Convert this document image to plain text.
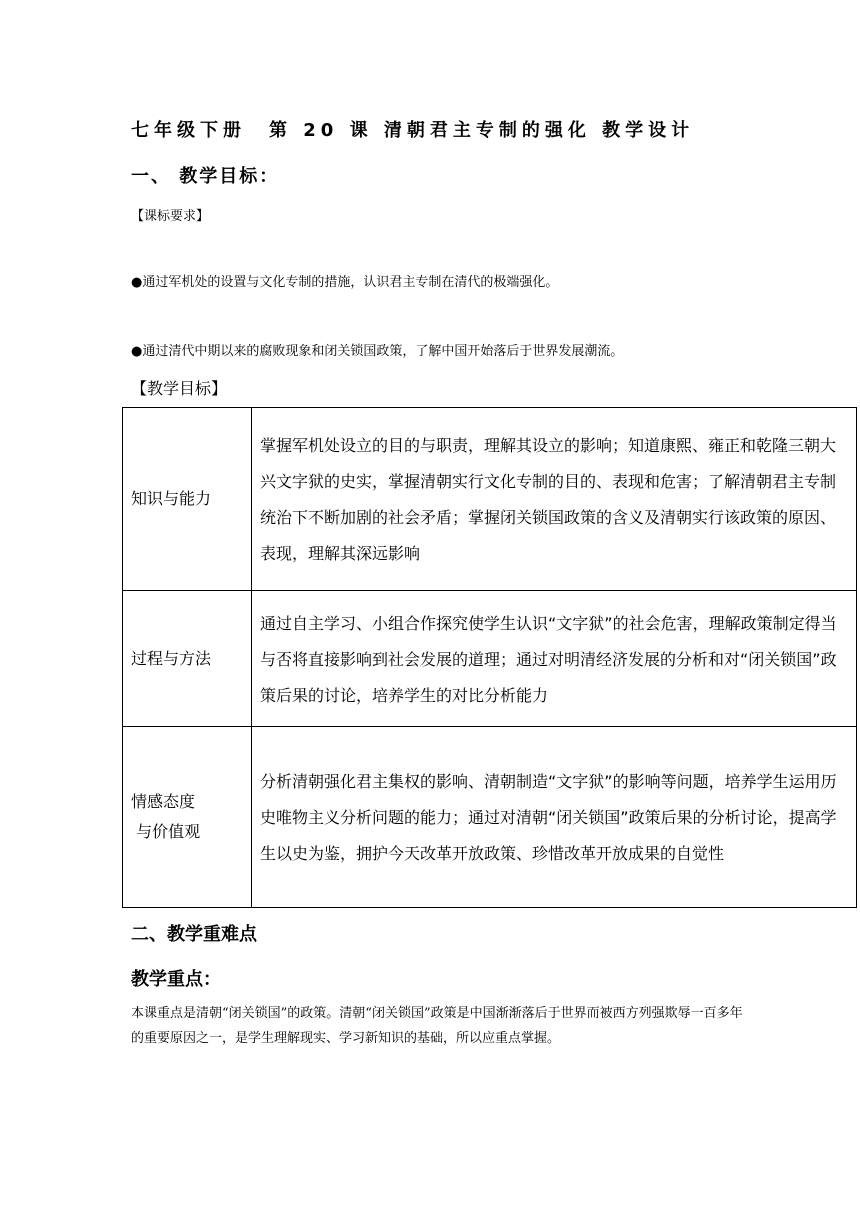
七年级下册　第 20 课 清朝君主专制的强化 教学设计
一、 教学目标：
【课标要求】
●通过军机处的设置与文化专制的措施，认识君主专制在清代的极端强化。
●通过清代中期以来的腐败现象和闭关锁国政策，了解中国开始落后于世界发展潮流。
【教学目标】
知识与能力	掌握军机处设立的目的与职责，理解其设立的影响；知道康熙、雍正和乾隆三朝大兴文字狱的史实，掌握清朝实行文化专制的目的、表现和危害；了解清朝君主专制统治下不断加剧的社会矛盾；掌握闭关锁国政策的含义及清朝实行该政策的原因、表现，理解其深远影响
过程与方法	通过自主学习、小组合作探究使学生认识“文字狱”的社会危害，理解政策制定得当与否将直接影响到社会发展的道理；通过对明清经济发展的分析和对“闭关锁国”政策后果的讨论，培养学生的对比分析能力

情感态度
与价值观	分析清朝强化君主集权的影响、清朝制造“文字狱”的影响等问题，培养学生运用历史唯物主义分析问题的能力；通过对清朝“闭关锁国”政策后果的分析讨论，提高学生以史为鉴，拥护今天改革开放政策、珍惜改革开放成果的自觉性
二、教学重难点
教学重点：
本课重点是清朝“闭关锁国”的政策。清朝“闭关锁国”政策是中国渐渐落后于世界而被西方列强欺辱一百多年的重要原因之一，是学生理解现实、学习新知识的基础，所以应重点掌握。
